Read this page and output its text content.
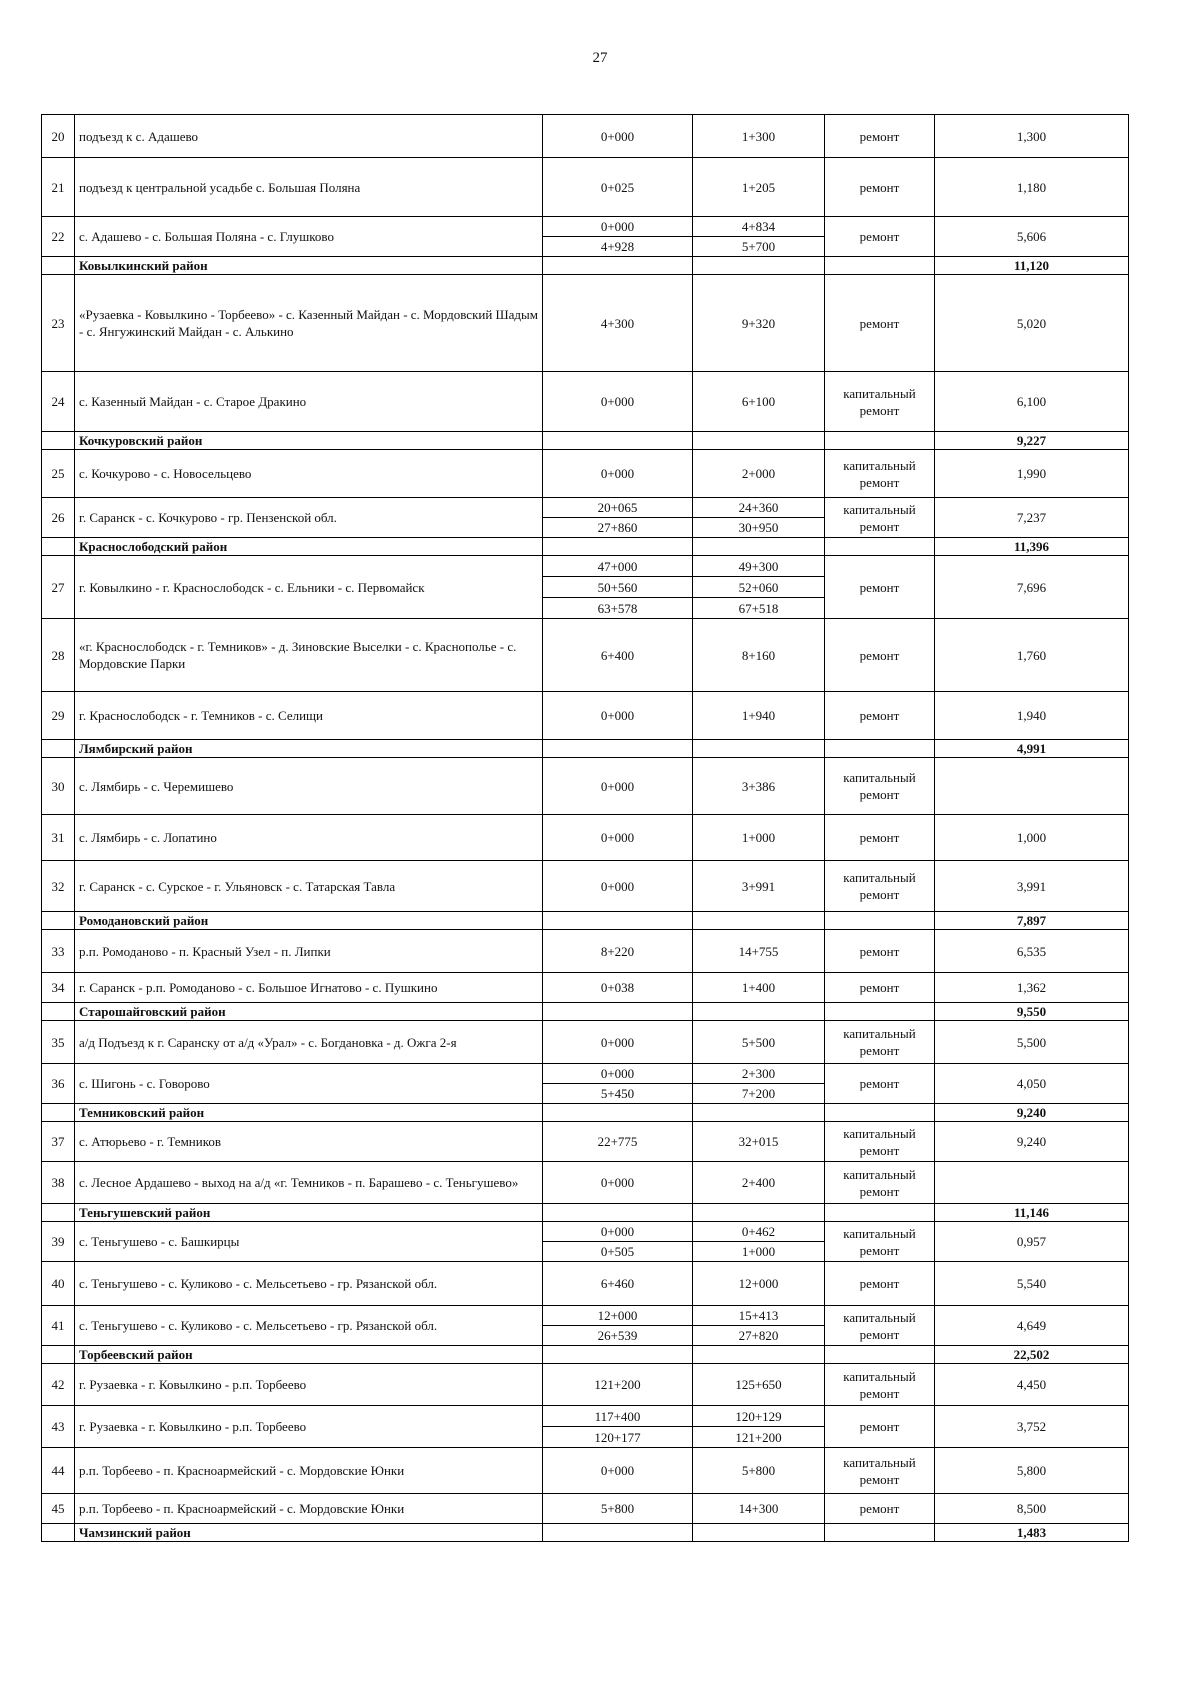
27
20	подъезд к с. Адашево	0+000	1+300	ремонт	1,300
21	подъезд к центральной усадьбе с. Большая Поляна	0+025	1+205	ремонт	1,180
22	с. Адашево - с. Большая Поляна - с. Глушково	0+000	4+834	ремонт	5,606
		4+928	5+700		
	Ковылкинский район				11,120
23	«Рузаевка - Ковылкино - Торбеево» - с. Казенный Майдан - с. Мордовский Шадым - с. Янгужинский Майдан - с. Алькино	4+300	9+320	ремонт	5,020
24	с. Казенный Майдан - с. Старое Дракино	0+000	6+100	капитальный ремонт	6,100
	Кочкуровский район				9,227
25	с. Кочкурово - с. Новосельцево	0+000	2+000	капитальный ремонт	1,990
26	г. Саранск - с. Кочкурово - гр. Пензенской обл.	20+065	24+360	капитальный ремонт	7,237
		27+860	30+950		
	Краснослободский район				11,396
27	г. Ковылкино - г. Краснослободск - с. Ельники - с. Первомайск	47+000	49+300	ремонт	7,696
		50+560	52+060		
		63+578	67+518		
28	«г. Краснослободск - г. Темников» - д. Зиновские Выселки - с. Краснополье - с. Мордовские Парки	6+400	8+160	ремонт	1,760
29	г. Краснослободск - г. Темников - с. Селищи	0+000	1+940	ремонт	1,940
	Лямбирский район				4,991
30	с. Лямбирь - с. Черемишево	0+000	3+386	капитальный ремонт	
31	с. Лямбирь - с. Лопатино	0+000	1+000	ремонт	1,000
32	г. Саранск - с. Сурское - г. Ульяновск - с. Татарская Тавла	0+000	3+991	капитальный ремонт	3,991
	Ромодановский район				7,897
33	р.п. Ромоданово - п. Красный Узел - п. Липки	8+220	14+755	ремонт	6,535
34	г. Саранск - р.п. Ромоданово - с. Большое Игнатово - с. Пушкино	0+038	1+400	ремонт	1,362
	Старошайговский район				9,550
35	а/д Подъезд к г. Саранску от а/д «Урал» - с. Богдановка - д. Ожга 2-я	0+000	5+500	капитальный ремонт	5,500
36	с. Шигонь - с. Говорово	0+000	2+300	ремонт	4,050
		5+450	7+200		
	Темниковский район				9,240
37	с. Атюрьево - г. Темников	22+775	32+015	капитальный ремонт	9,240
38	с. Лесное Ардашево - выход на а/д «г. Темников - п. Барашево - с. Теньгушево»	0+000	2+400	капитальный ремонт	
	Теньгушевский район				11,146
39	с. Теньгушево - с. Башкирцы	0+000	0+462	капитальный ремонт	0,957
		0+505	1+000		
40	с. Теньгушево - с. Куликово - с. Мельсетьево - гр. Рязанской обл.	6+460	12+000	ремонт	5,540
41	с. Теньгушево - с. Куликово - с. Мельсетьево - гр. Рязанской обл.	12+000	15+413	капитальный ремонт	4,649
		26+539	27+820		
	Торбеевский район				22,502
42	г. Рузаевка - г. Ковылкино - р.п. Торбеево	121+200	125+650	капитальный ремонт	4,450
43	г. Рузаевка - г. Ковылкино - р.п. Торбеево	117+400	120+129	ремонт	3,752
		120+177	121+200		
44	р.п. Торбеево - п. Красноармейский - с. Мордовские Юнки	0+000	5+800	капитальный ремонт	5,800
45	р.п. Торбеево - п. Красноармейский - с. Мордовские Юнки	5+800	14+300	ремонт	8,500
	Чамзинский район				1,483
